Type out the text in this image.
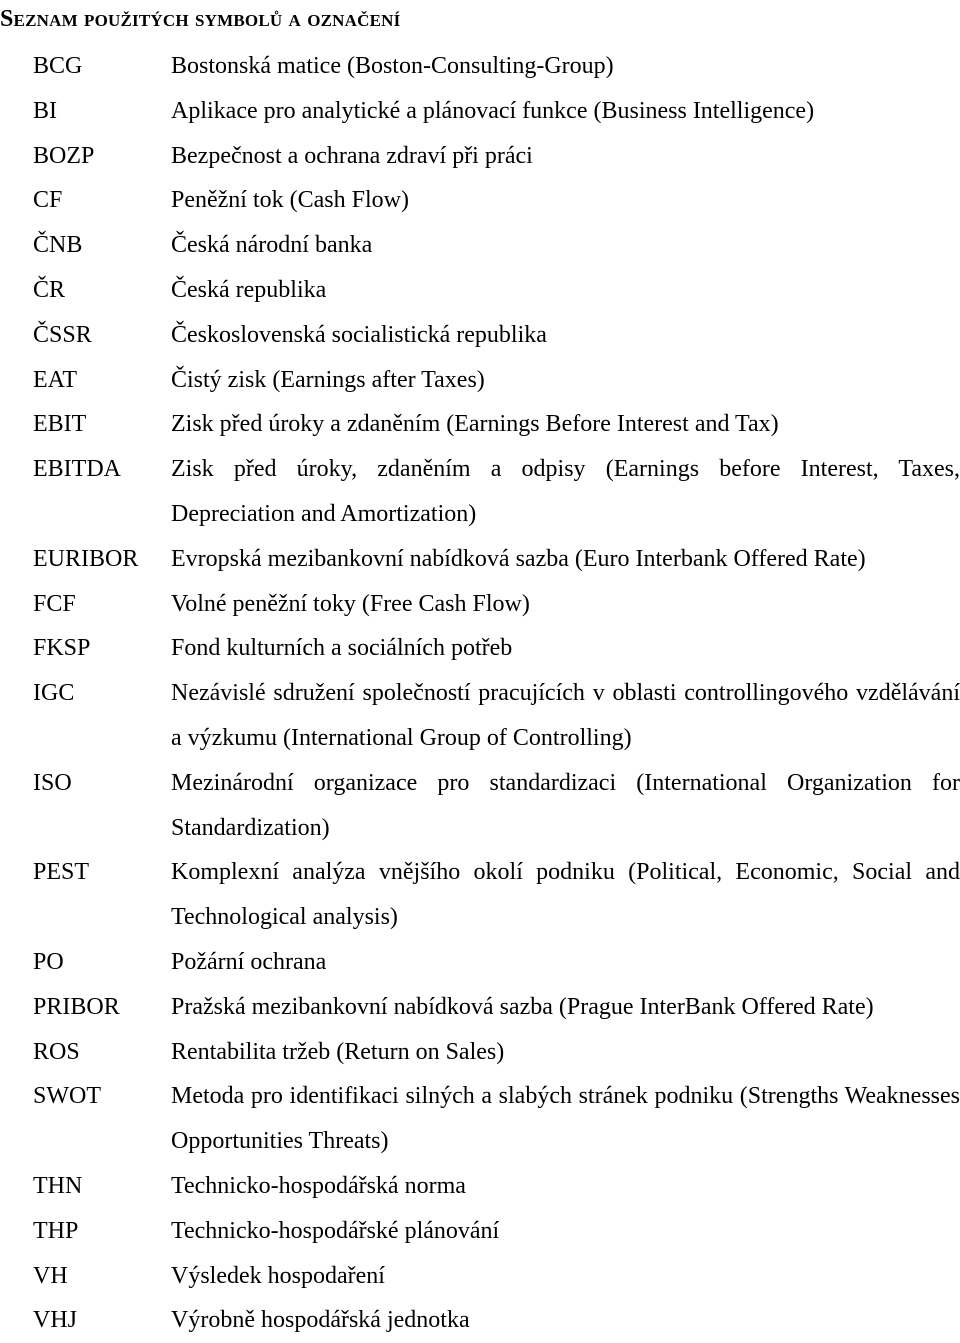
Seznam použitých symbolů a označení
BCG	Bostonská matice (Boston-Consulting-Group)
BI	Aplikace pro analytické a plánovací funkce (Business Intelligence)
BOZP	Bezpečnost a ochrana zdraví při práci
CF	Peněžní tok (Cash Flow)
ČNB	Česká národní banka
ČR	Česká republika
ČSSR	Československá socialistická republika
EAT	Čistý zisk (Earnings after Taxes)
EBIT	Zisk před úroky a zdaněním (Earnings Before Interest and Tax)
EBITDA Zisk před úroky, zdaněním a odpisy (Earnings before Interest, Taxes, Depreciation and Amortization)
EURIBOR Evropská mezibankovní nabídková sazba (Euro Interbank Offered Rate)
FCF	Volné peněžní toky (Free Cash Flow)
FKSP	Fond kulturních a sociálních potřeb
IGC	Nezávislé sdružení společností pracujících v oblasti controllingového vzdělávání a výzkumu (International Group of Controlling)
ISO	Mezinárodní organizace pro standardizaci (International Organization for Standardization)
PEST	Komplexní analýza vnějšího okolí podniku (Political, Economic, Social and Technological analysis)
PO	Požární ochrana
PRIBOR Pražská mezibankovní nabídková sazba (Prague InterBank Offered Rate)
ROS	Rentabilita tržeb (Return on Sales)
SWOT	Metoda pro identifikaci silných a slabých stránek podniku (Strengths Weaknesses Opportunities Threats)
THN	Technicko-hospodářská norma
THP	Technicko-hospodářské plánování
VH	Výsledek hospodaření
VHJ	Výrobně hospodářská jednotka
